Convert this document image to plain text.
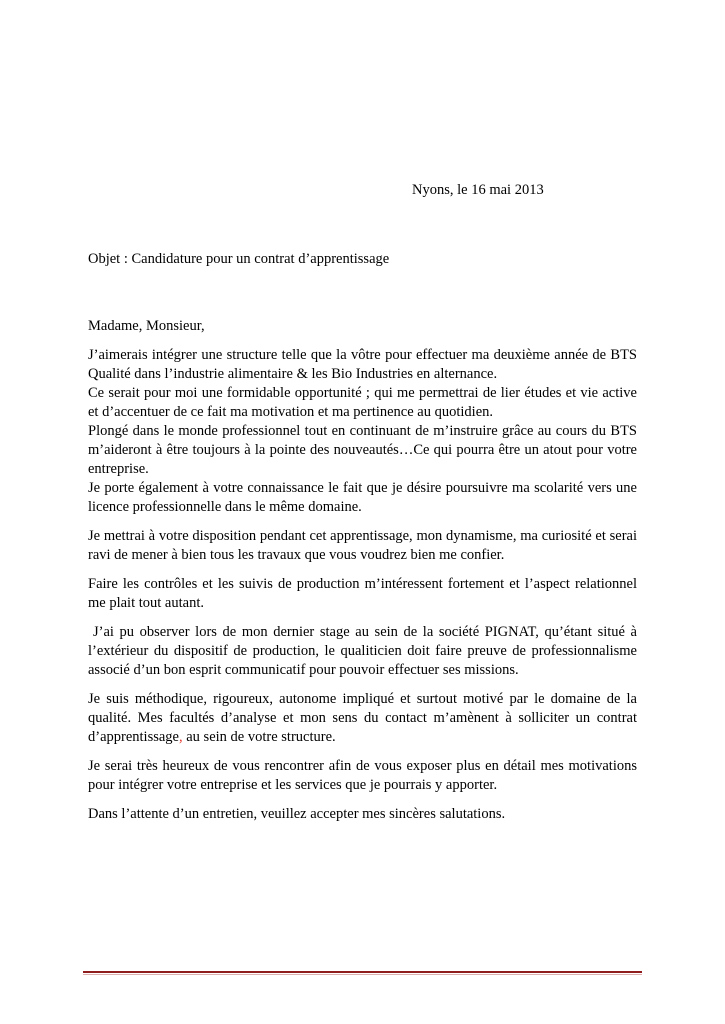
Nyons, le 16 mai 2013

Objet : Candidature pour un contrat d’apprentissage

Madame, Monsieur,

J’aimerais intégrer une structure telle que la vôtre pour effectuer ma deuxième année de BTS Qualité dans l’industrie alimentaire & les Bio Industries en alternance.

Ce serait pour moi une formidable opportunité ; qui me permettrai de lier études et vie active et d’accentuer de ce fait ma motivation et ma pertinence au quotidien.

Plongé dans le monde professionnel tout en continuant de m’instruire grâce au cours du BTS m’aideront à être toujours à la pointe des nouveautés…Ce qui pourra être un atout pour votre entreprise.

Je porte également à votre connaissance le fait que je désire poursuivre ma scolarité vers une licence professionnelle dans le même domaine.

Je mettrai à votre disposition pendant cet apprentissage, mon dynamisme, ma curiosité et serai ravi de mener à bien tous les travaux que vous voudrez bien me confier.

Faire les contrôles et les suivis de production m’intéressent fortement et l’aspect relationnel me plait tout autant.

J’ai pu observer lors de mon dernier stage au sein de la société PIGNAT, qu’étant situé à l’extérieur du dispositif de production, le qualiticien doit faire preuve de professionnalisme associé d’un bon esprit communicatif pour pouvoir effectuer ses missions.

Je suis méthodique, rigoureux, autonome impliqué et surtout motivé par le domaine de la qualité. Mes facultés d’analyse et mon sens du contact m’amènent à solliciter un contrat d’apprentissage, au sein de votre structure.

Je serai très heureux de vous rencontrer afin de vous exposer plus en détail mes motivations pour intégrer votre entreprise et les services que je pourrais y apporter.

Dans l’attente d’un entretien, veuillez accepter mes sincères salutations.
